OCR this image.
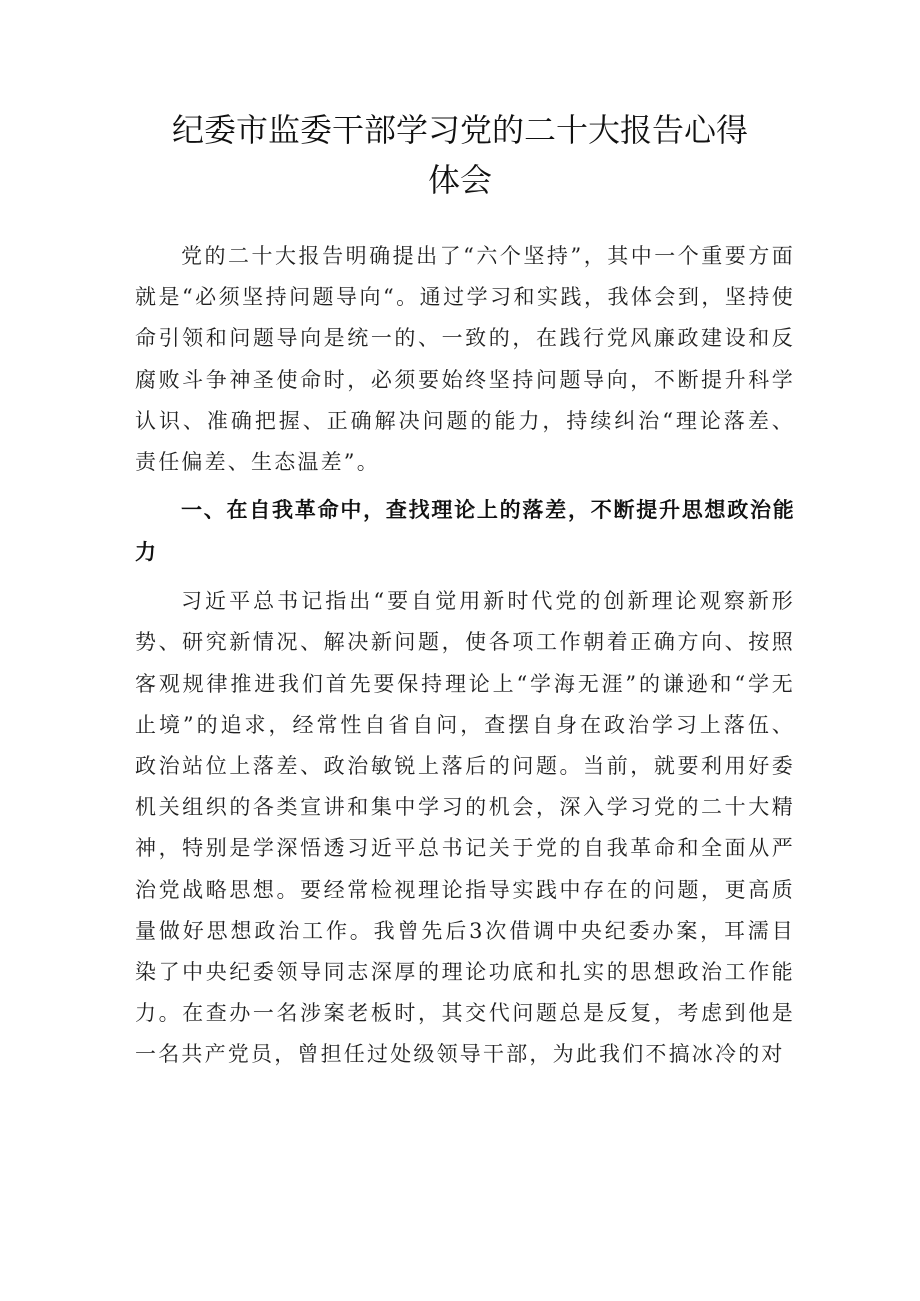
纪委市监委干部学习党的二十大报告心得
体会

党的二十大报告明确提出了“六个坚持”，其中一个重要方面就是“必须坚持问题导向“。通过学习和实践，我体会到，坚持使命引领和问题导向是统一的、一致的，在践行党风廉政建设和反腐败斗争神圣使命时，必须要始终坚持问题导向，不断提升科学认识、准确把握、正确解决问题的能力，持续纠治“理论落差、责任偏差、生态温差”。

一、在自我革命中，查找理论上的落差，不断提升思想政治能力

习近平总书记指出“要自觉用新时代党的创新理论观察新形势、研究新情况、解决新问题，使各项工作朝着正确方向、按照客观规律推进我们首先要保持理论上“学海无涯”的谦逊和“学无止境”的追求，经常性自省自问，查摆自身在政治学习上落伍、政治站位上落差、政治敏锐上落后的问题。当前，就要利用好委机关组织的各类宣讲和集中学习的机会，深入学习党的二十大精神，特别是学深悟透习近平总书记关于党的自我革命和全面从严治党战略思想。要经常检视理论指导实践中存在的问题，更高质量做好思想政治工作。我曾先后3次借调中央纪委办案，耳濡目染了中央纪委领导同志深厚的理论功底和扎实的思想政治工作能力。在查办一名涉案老板时，其交代问题总是反复，考虑到他是一名共产党员，曾担任过处级领导干部，为此我们不搞冰冷的对
